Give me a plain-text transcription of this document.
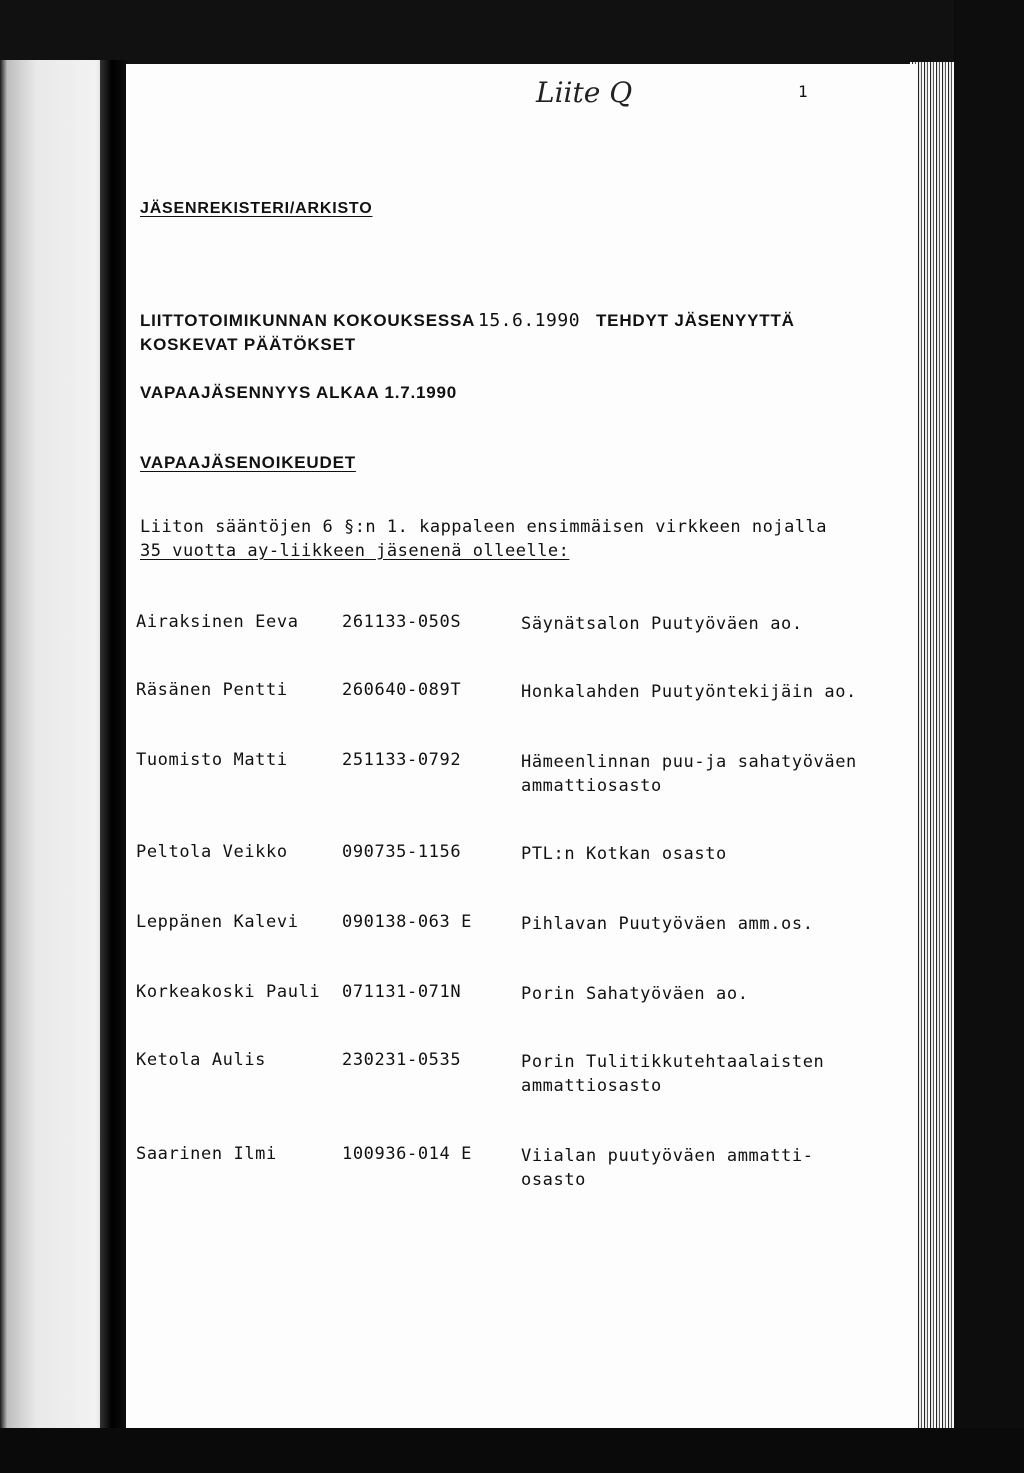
Liite Q	1
JÄSENREKISTERI/ARKISTO
LIITTOTOIMIKUNNAN KOKOUKSESSA 15.6.1990 TEHDYT JÄSENYYTTÄ
KOSKEVAT PÄÄTÖKSET
VAPAAJÄSENNYYS ALKAA 1.7.1990
VAPAAJÄSENOIKEUDET
Liiton sääntöjen 6 §:n 1. kappaleen ensimmäisen virkkeen nojalla
35 vuotta ay-liikkeen jäsenenä olleelle:
Airaksinen Eeva	261133-050S	Säynätsalon Puutyöväen ao.
Räsänen Pentti	260640-089T	Honkalahden Puutyöntekijäin ao.
Tuomisto Matti	251133-0792	Hämeenlinnan puu-ja sahatyöväen
ammattiosasto
Peltola Veikko	090735-1156	PTL:n Kotkan osasto
Leppänen Kalevi	090138-063 E	Pihlavan Puutyöväen amm.os.
Korkeakoski Pauli 071131-071N	Porin Sahatyöväen ao.
Ketola Aulis	230231-0535	Porin Tulitikkutehtaalaisten
ammattiosasto
Saarinen Ilmi	100936-014 E	Viialan puutyöväen ammatti-
osasto
